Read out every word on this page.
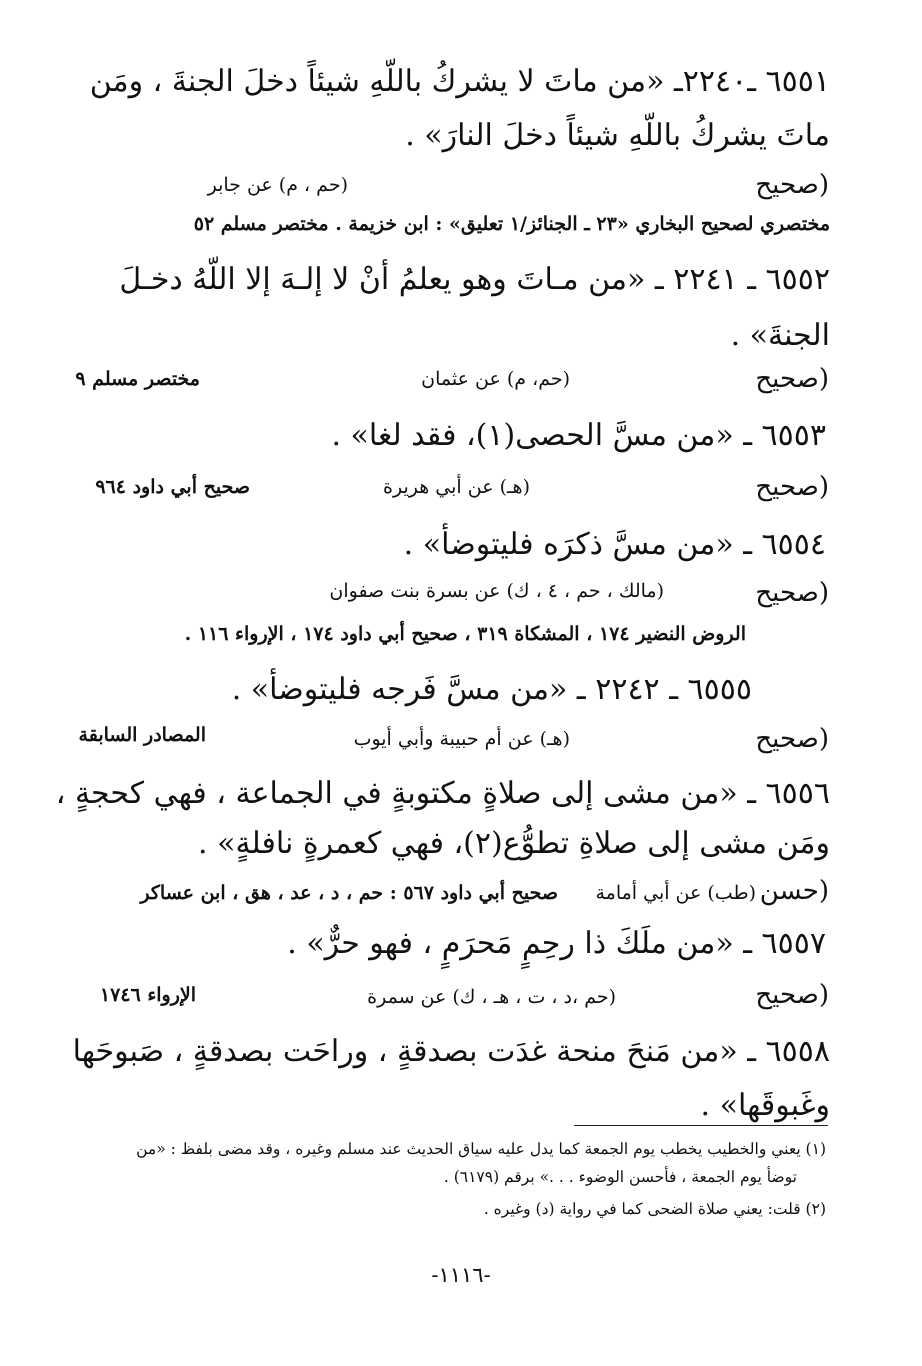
٦٥٥١ ـ٢٢٤٠ـ «من ماتَ لا يشركُ باللّهِ شيئاً دخلَ الجنةَ ، ومَن
ماتَ يشركُ باللّهِ شيئاً دخلَ النارَ» .
(صحيح
(حم ، م) عن جابر
مختصري لصحيح البخاري «٢٣ ـ الجنائز/١ تعليق» : ابن خزيمة . مختصر مسلم ٥٢
٦٥٥٢ ـ ٢٢٤١ ـ «من مـاتَ وهو يعلمُ أنْ لا إلـهَ إلا اللّهُ دخـلَ
الجنةَ» .
(صحيح
(حم، م) عن عثمان
مختصر مسلم ٩
٦٥٥٣ ـ «من مسَّ الحصى(١)، فقد لغا» .
(صحيح
(هـ) عن أبي هريرة
صحيح أبي داود ٩٦٤
٦٥٥٤ ـ «من مسَّ ذكرَه فليتوضأ» .
(صحيح
(مالك ، حم ، ٤ ، ك) عن بسرة بنت صفوان
الروض النضير ١٧٤ ، المشكاة ٣١٩ ، صحيح أبي داود ١٧٤ ، الإرواء ١١٦ .
٦٥٥٥ ـ ٢٢٤٢ ـ «من مسَّ فَرجه فليتوضأ» .
(صحيح
(هـ) عن أم حبيبة وأبي أيوب
المصادر السابقة
٦٥٥٦ ـ «من مشى إلى صلاةٍ مكتوبةٍ في الجماعة ، فهي كحجةٍ ،
ومَن مشى إلى صلاةِ تطوُّع(٢)، فهي كعمرةٍ نافلةٍ» .
(حسن
(طب) عن أبي أمامة
صحيح أبي داود ٥٦٧ : حم ، د ، عد ، هق ، ابن عساكر
٦٥٥٧ ـ «من ملَكَ ذا رحِمٍ مَحرَمٍ ، فهو حرٌّ» .
(صحيح
(حم ،د ، ت ، هـ ، ك) عن سمرة
الإرواء ١٧٤٦
٦٥٥٨ ـ «من مَنحَ منحة غدَت بصدقةٍ ، وراحَت بصدقةٍ ، صَبوحَها
وغَبوقَها» .
(١) يعني والخطيب يخطب يوم الجمعة كما يدل عليه سياق الحديث عند مسلم وغيره ، وقد مضى بلفظ : «من
توضأ يوم الجمعة ، فأحسن الوضوء . . .» برقم (٦١٧٩) .
(٢) قلت: يعني صلاة الضحى كما في رواية (د) وغيره .
-١١١٦-
